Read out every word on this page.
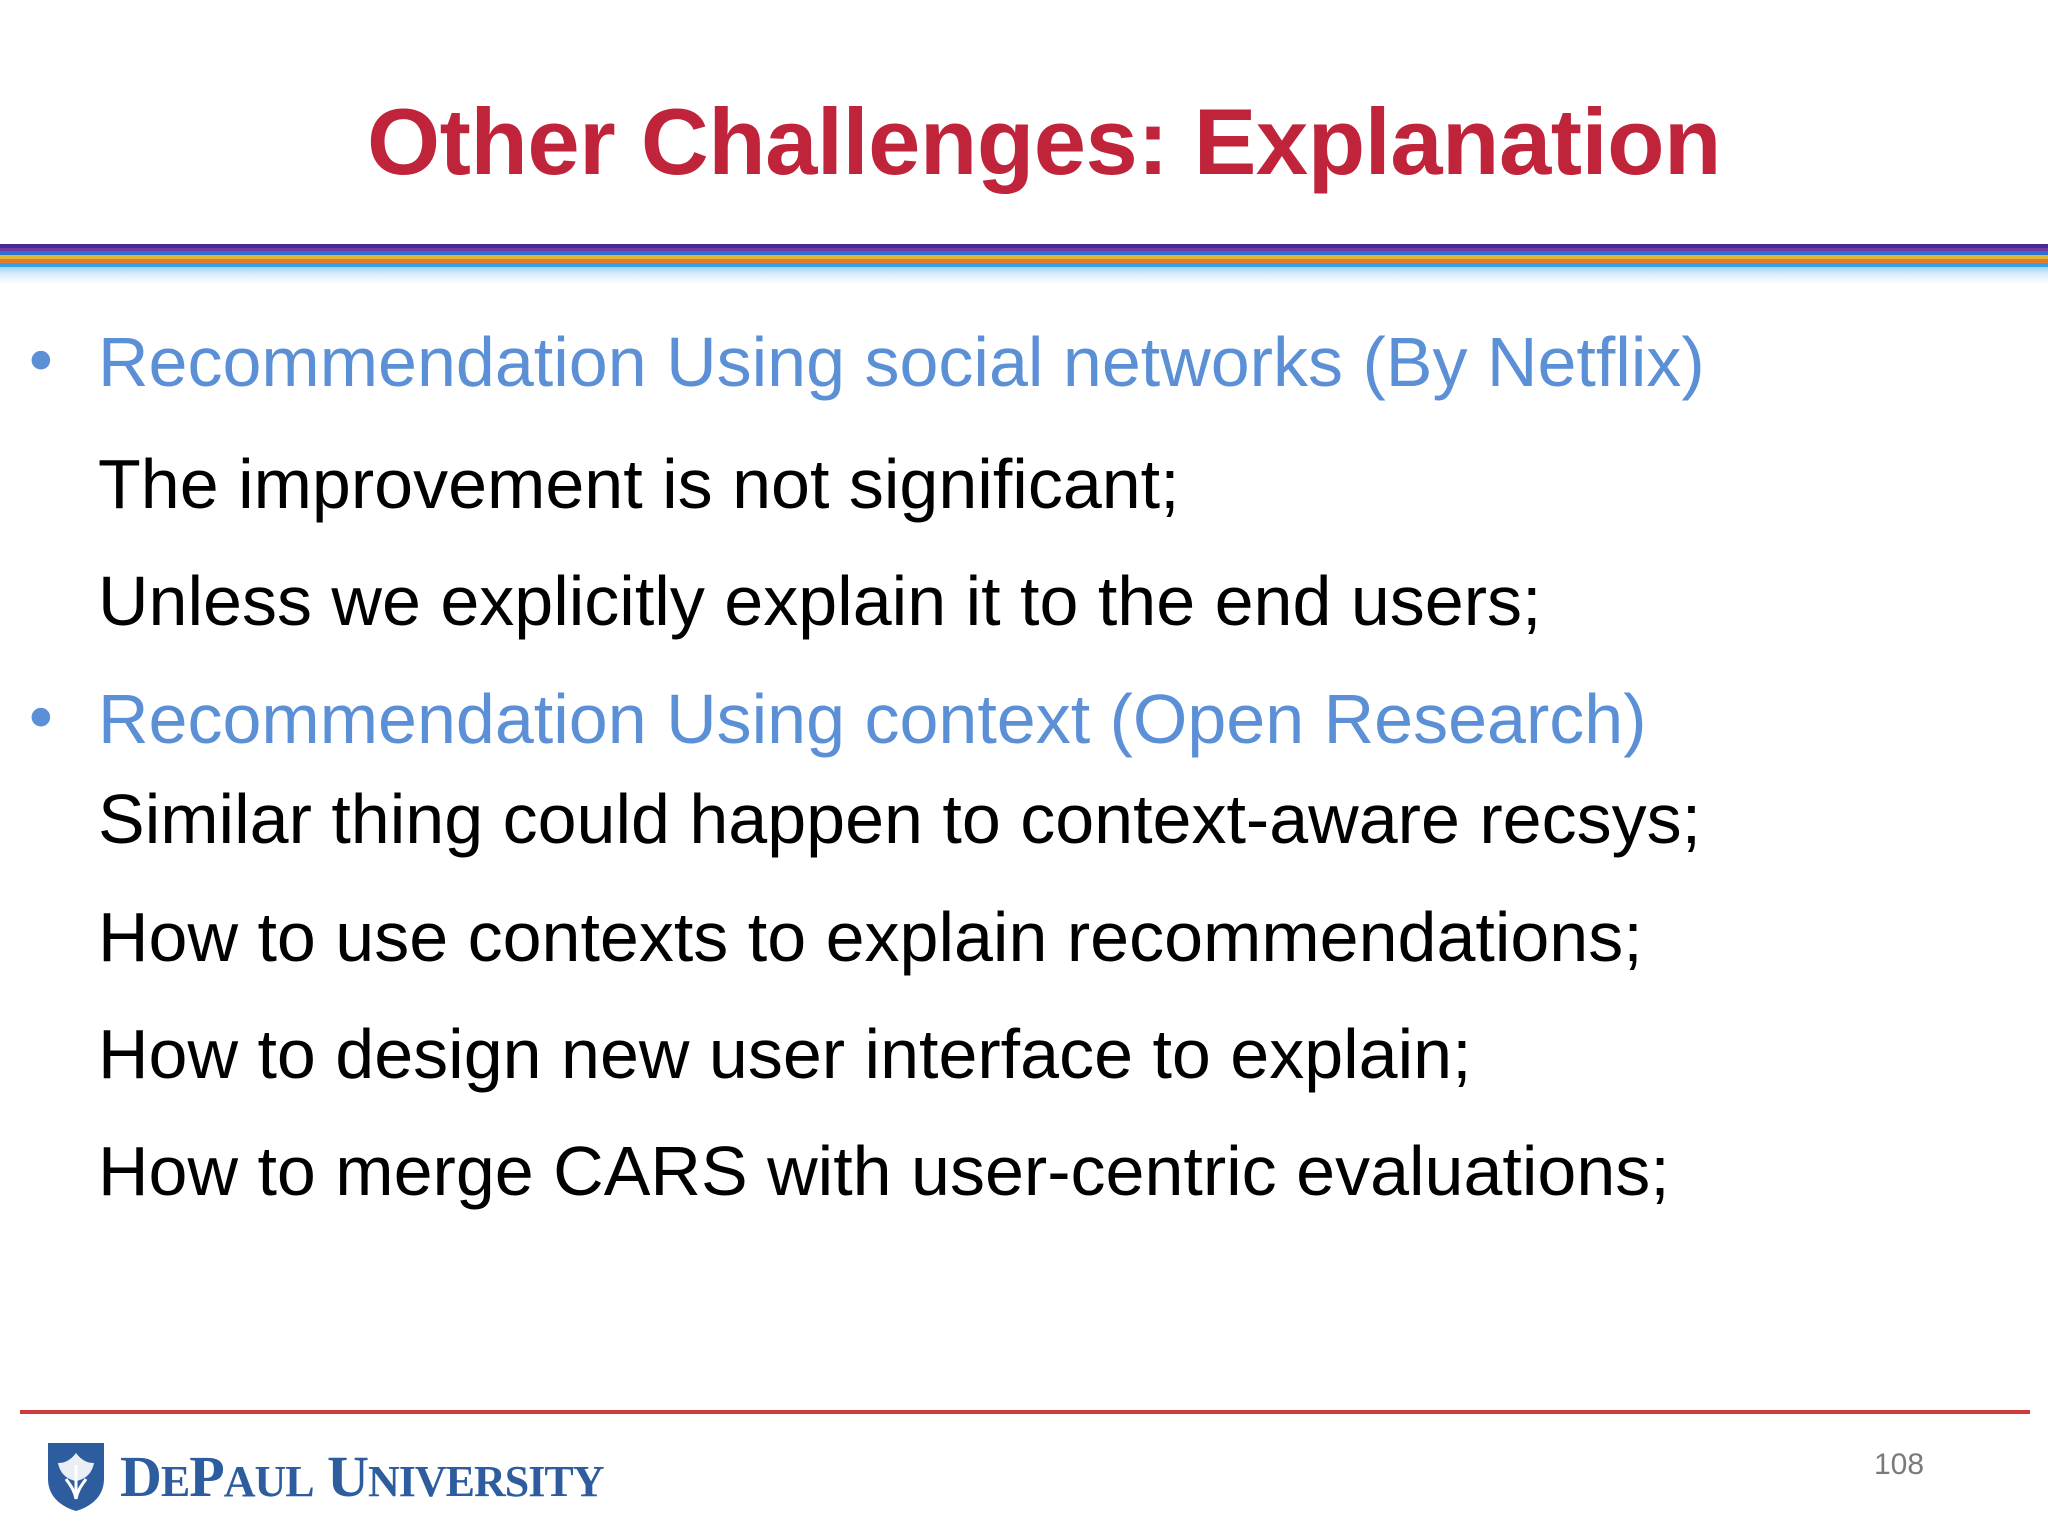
Other Challenges: Explanation
• Recommendation Using social networks (By Netflix)
The improvement is not significant;
Unless we explicitly explain it to the end users;
• Recommendation Using context (Open Research)
Similar thing could happen to context-aware recsys;
How to use contexts to explain recommendations;
How to design new user interface to explain;
How to merge CARS with user-centric evaluations;
DEPAUL UNIVERSITY	108
